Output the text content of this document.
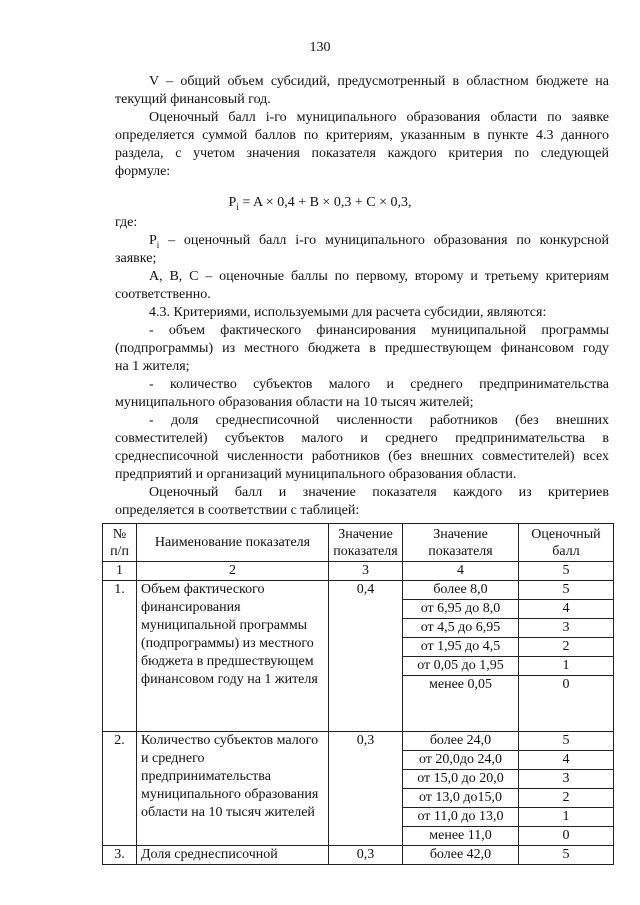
130
V – общий объем субсидий, предусмотренный в областном бюджете на
текущий финансовый год.
Оценочный балл i-го муниципального образования области по заявке
определяется суммой баллов по критериям, указанным в пункте 4.3 данного
раздела, с учетом значения показателя каждого критерия по следующей
формуле:
$P_i = A \times 0,4 + B \times 0,3 + C \times 0,3$,
где:
$P_i$ – оценочный балл i-го муниципального образования по конкурсной
заявке;
A, B, C – оценочные баллы по первому, второму и третьему критериям
соответственно.
4.3. Критериями, используемыми для расчета субсидии, являются:
- объем фактического финансирования муниципальной программы
(подпрограммы) из местного бюджета в предшествующем финансовом году
на 1 жителя;
- количество субъектов малого и среднего предпринимательства
муниципального образования области на 10 тысяч жителей;
- доля среднесписочной численности работников (без внешних
совместителей) субъектов малого и среднего предпринимательства в
среднесписочной численности работников (без внешних совместителей) всех
предприятий и организаций муниципального образования области.
Оценочный балл и значение показателя каждого из критериев
определяется в соответствии с таблицей:
№ п/п	Наименование показателя	Значение показателя	Значение показателя	Оценочный балл
1	2	3	4	5
1.	Объем фактического финансирования муниципальной программы (подпрограммы) из местного бюджета в предшествующем финансовом году на 1 жителя	0,4	более 8,0	5
			от 6,95 до 8,0	4
			от 4,5 до 6,95	3
			от 1,95 до 4,5	2
			от 0,05 до 1,95	1
			менее 0,05	0
2.	Количество субъектов малого и среднего предпринимательства муниципального образования области на 10 тысяч жителей	0,3	более 24,0	5
			от 20,0до 24,0	4
			от 15,0 до 20,0	3
			от 13,0 до15,0	2
			от 11,0 до 13,0	1
			менее 11,0	0
3.	Доля среднесписочной	0,3	более 42,0	5
